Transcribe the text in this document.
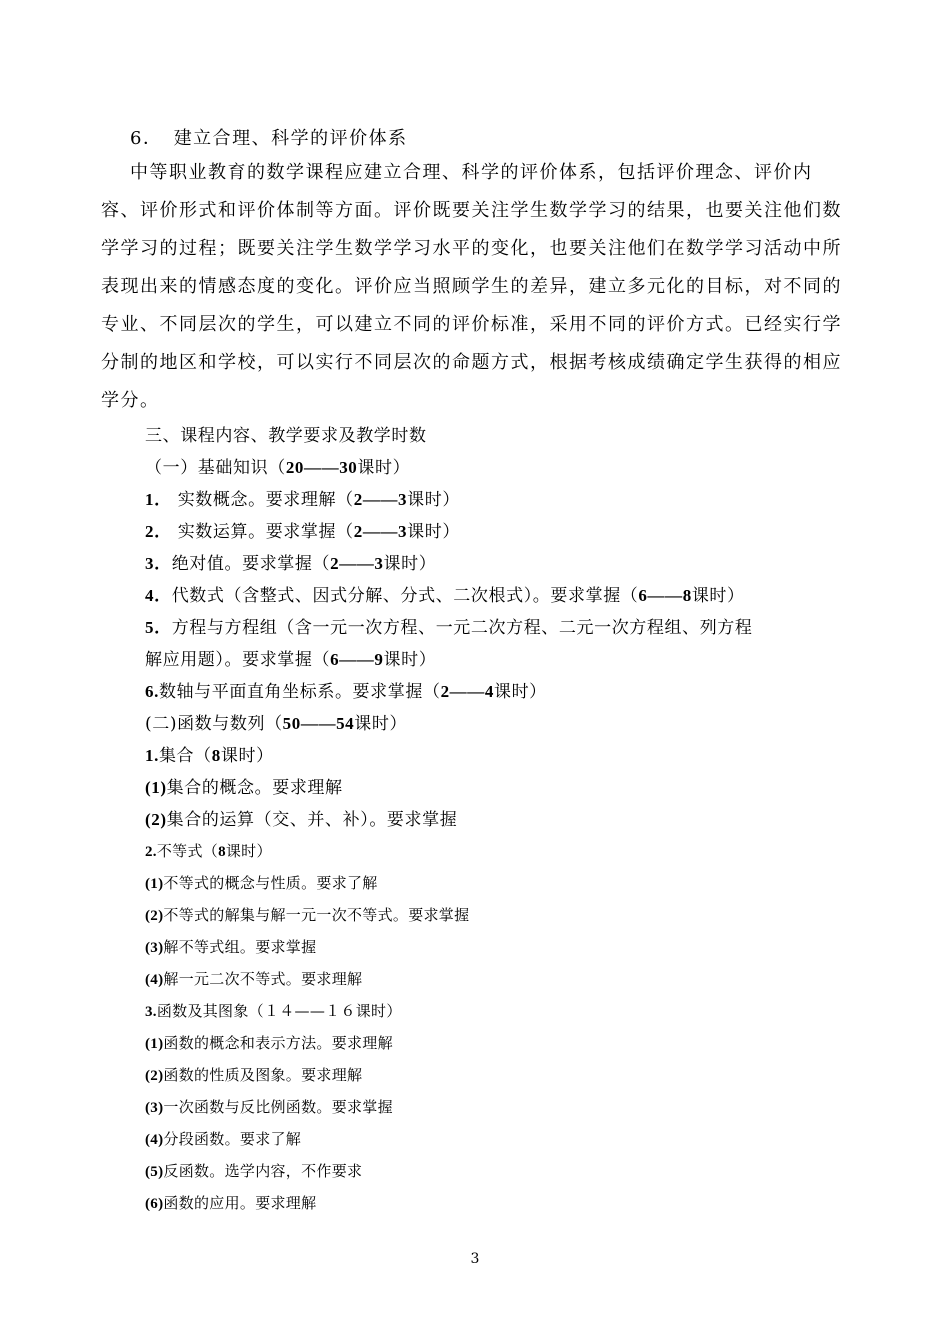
6． 建立合理、科学的评价体系
中等职业教育的数学课程应建立合理、科学的评价体系，包括评价理念、评价内
容、评价形式和评价体制等方面。评价既要关注学生数学学习的结果，也要关注他们数
学学习的过程；既要关注学生数学学习水平的变化，也要关注他们在数学学习活动中所
表现出来的情感态度的变化。评价应当照顾学生的差异，建立多元化的目标，对不同的
专业、不同层次的学生，可以建立不同的评价标准，采用不同的评价方式。已经实行学
分制的地区和学校，可以实行不同层次的命题方式，根据考核成绩确定学生获得的相应
学分。
三、课程内容、教学要求及教学时数
（一）基础知识（20——30课时）
1． 实数概念。要求理解（2——3课时）
2． 实数运算。要求掌握（2——3课时）
3．绝对值。要求掌握（2——3课时）
4．代数式（含整式、因式分解、分式、二次根式）。要求掌握（6——8课时）
5．方程与方程组（含一元一次方程、一元二次方程、二元一次方程组、列方程
解应用题）。要求掌握（6——9课时）
6.数轴与平面直角坐标系。要求掌握（2——4课时）
(二)函数与数列（50——54课时）
1.集合（8课时）
(1)集合的概念。要求理解
(2)集合的运算（交、并、补）。要求掌握
2.不等式（8课时）
(1)不等式的概念与性质。要求了解
(2)不等式的解集与解一元一次不等式。要求掌握
(3)解不等式组。要求掌握
(4)解一元二次不等式。要求理解
3.函数及其图象（１４——１６课时）
(1)函数的概念和表示方法。要求理解
(2)函数的性质及图象。要求理解
(3)一次函数与反比例函数。要求掌握
(4)分段函数。要求了解
(5)反函数。选学内容，不作要求
(6)函数的应用。要求理解
3
